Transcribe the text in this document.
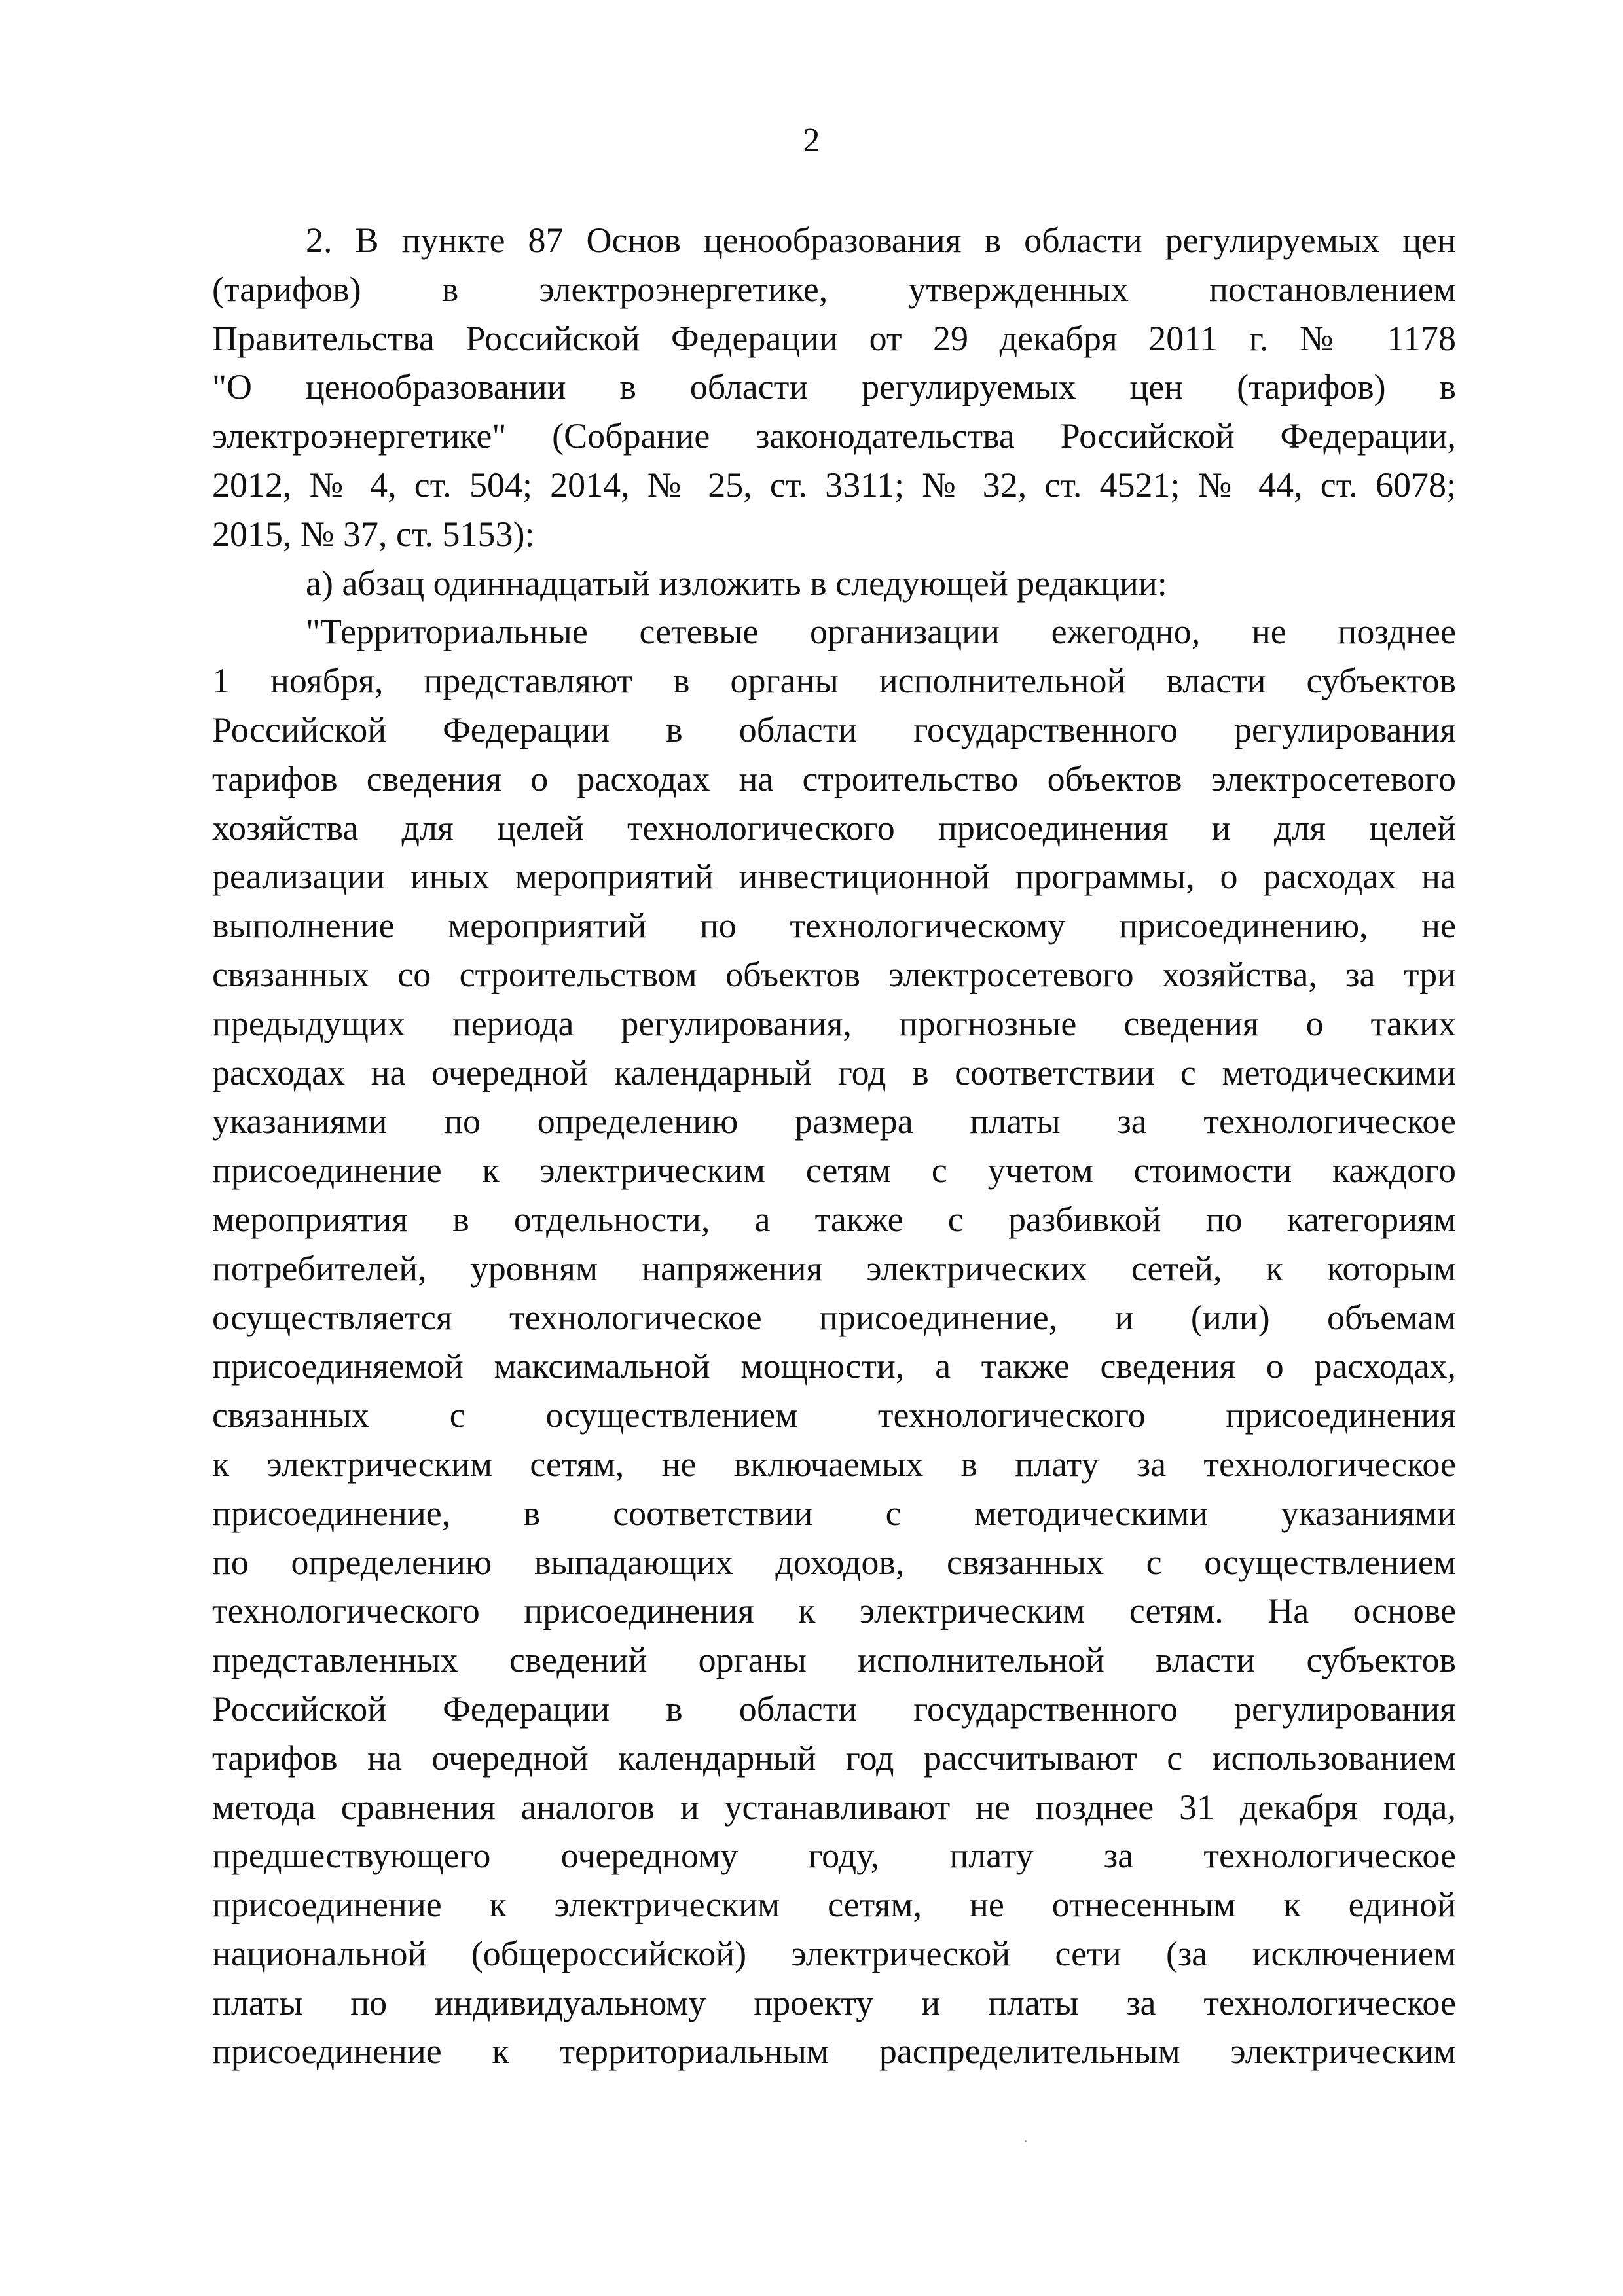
2
2. В пункте 87 Основ ценообразования в области регулируемых цен
(тарифов) в электроэнергетике, утвержденных постановлением
Правительства Российской Федерации от 29 декабря 2011 г. № 1178
"О ценообразовании в области регулируемых цен (тарифов) в
электроэнергетике" (Собрание законодательства Российской Федерации,
2012, № 4, ст. 504; 2014, № 25, ст. 3311; № 32, ст. 4521; № 44, ст. 6078;
2015, № 37, ст. 5153):
а) абзац одиннадцатый изложить в следующей редакции:
"Территориальные сетевые организации ежегодно, не позднее
1 ноября, представляют в органы исполнительной власти субъектов
Российской Федерации в области государственного регулирования
тарифов сведения о расходах на строительство объектов электросетевого
хозяйства для целей технологического присоединения и для целей
реализации иных мероприятий инвестиционной программы, о расходах на
выполнение мероприятий по технологическому присоединению, не
связанных со строительством объектов электросетевого хозяйства, за три
предыдущих периода регулирования, прогнозные сведения о таких
расходах на очередной календарный год в соответствии с методическими
указаниями по определению размера платы за технологическое
присоединение к электрическим сетям с учетом стоимости каждого
мероприятия в отдельности, а также с разбивкой по категориям
потребителей, уровням напряжения электрических сетей, к которым
осуществляется технологическое присоединение, и (или) объемам
присоединяемой максимальной мощности, а также сведения о расходах,
связанных с осуществлением технологического присоединения
к электрическим сетям, не включаемых в плату за технологическое
присоединение, в соответствии с методическими указаниями
по определению выпадающих доходов, связанных с осуществлением
технологического присоединения к электрическим сетям. На основе
представленных сведений органы исполнительной власти субъектов
Российской Федерации в области государственного регулирования
тарифов на очередной календарный год рассчитывают с использованием
метода сравнения аналогов и устанавливают не позднее 31 декабря года,
предшествующего очередному году, плату за технологическое
присоединение к электрическим сетям, не отнесенным к единой
национальной (общероссийской) электрической сети (за исключением
платы по индивидуальному проекту и платы за технологическое
присоединение к территориальным распределительным электрическим
